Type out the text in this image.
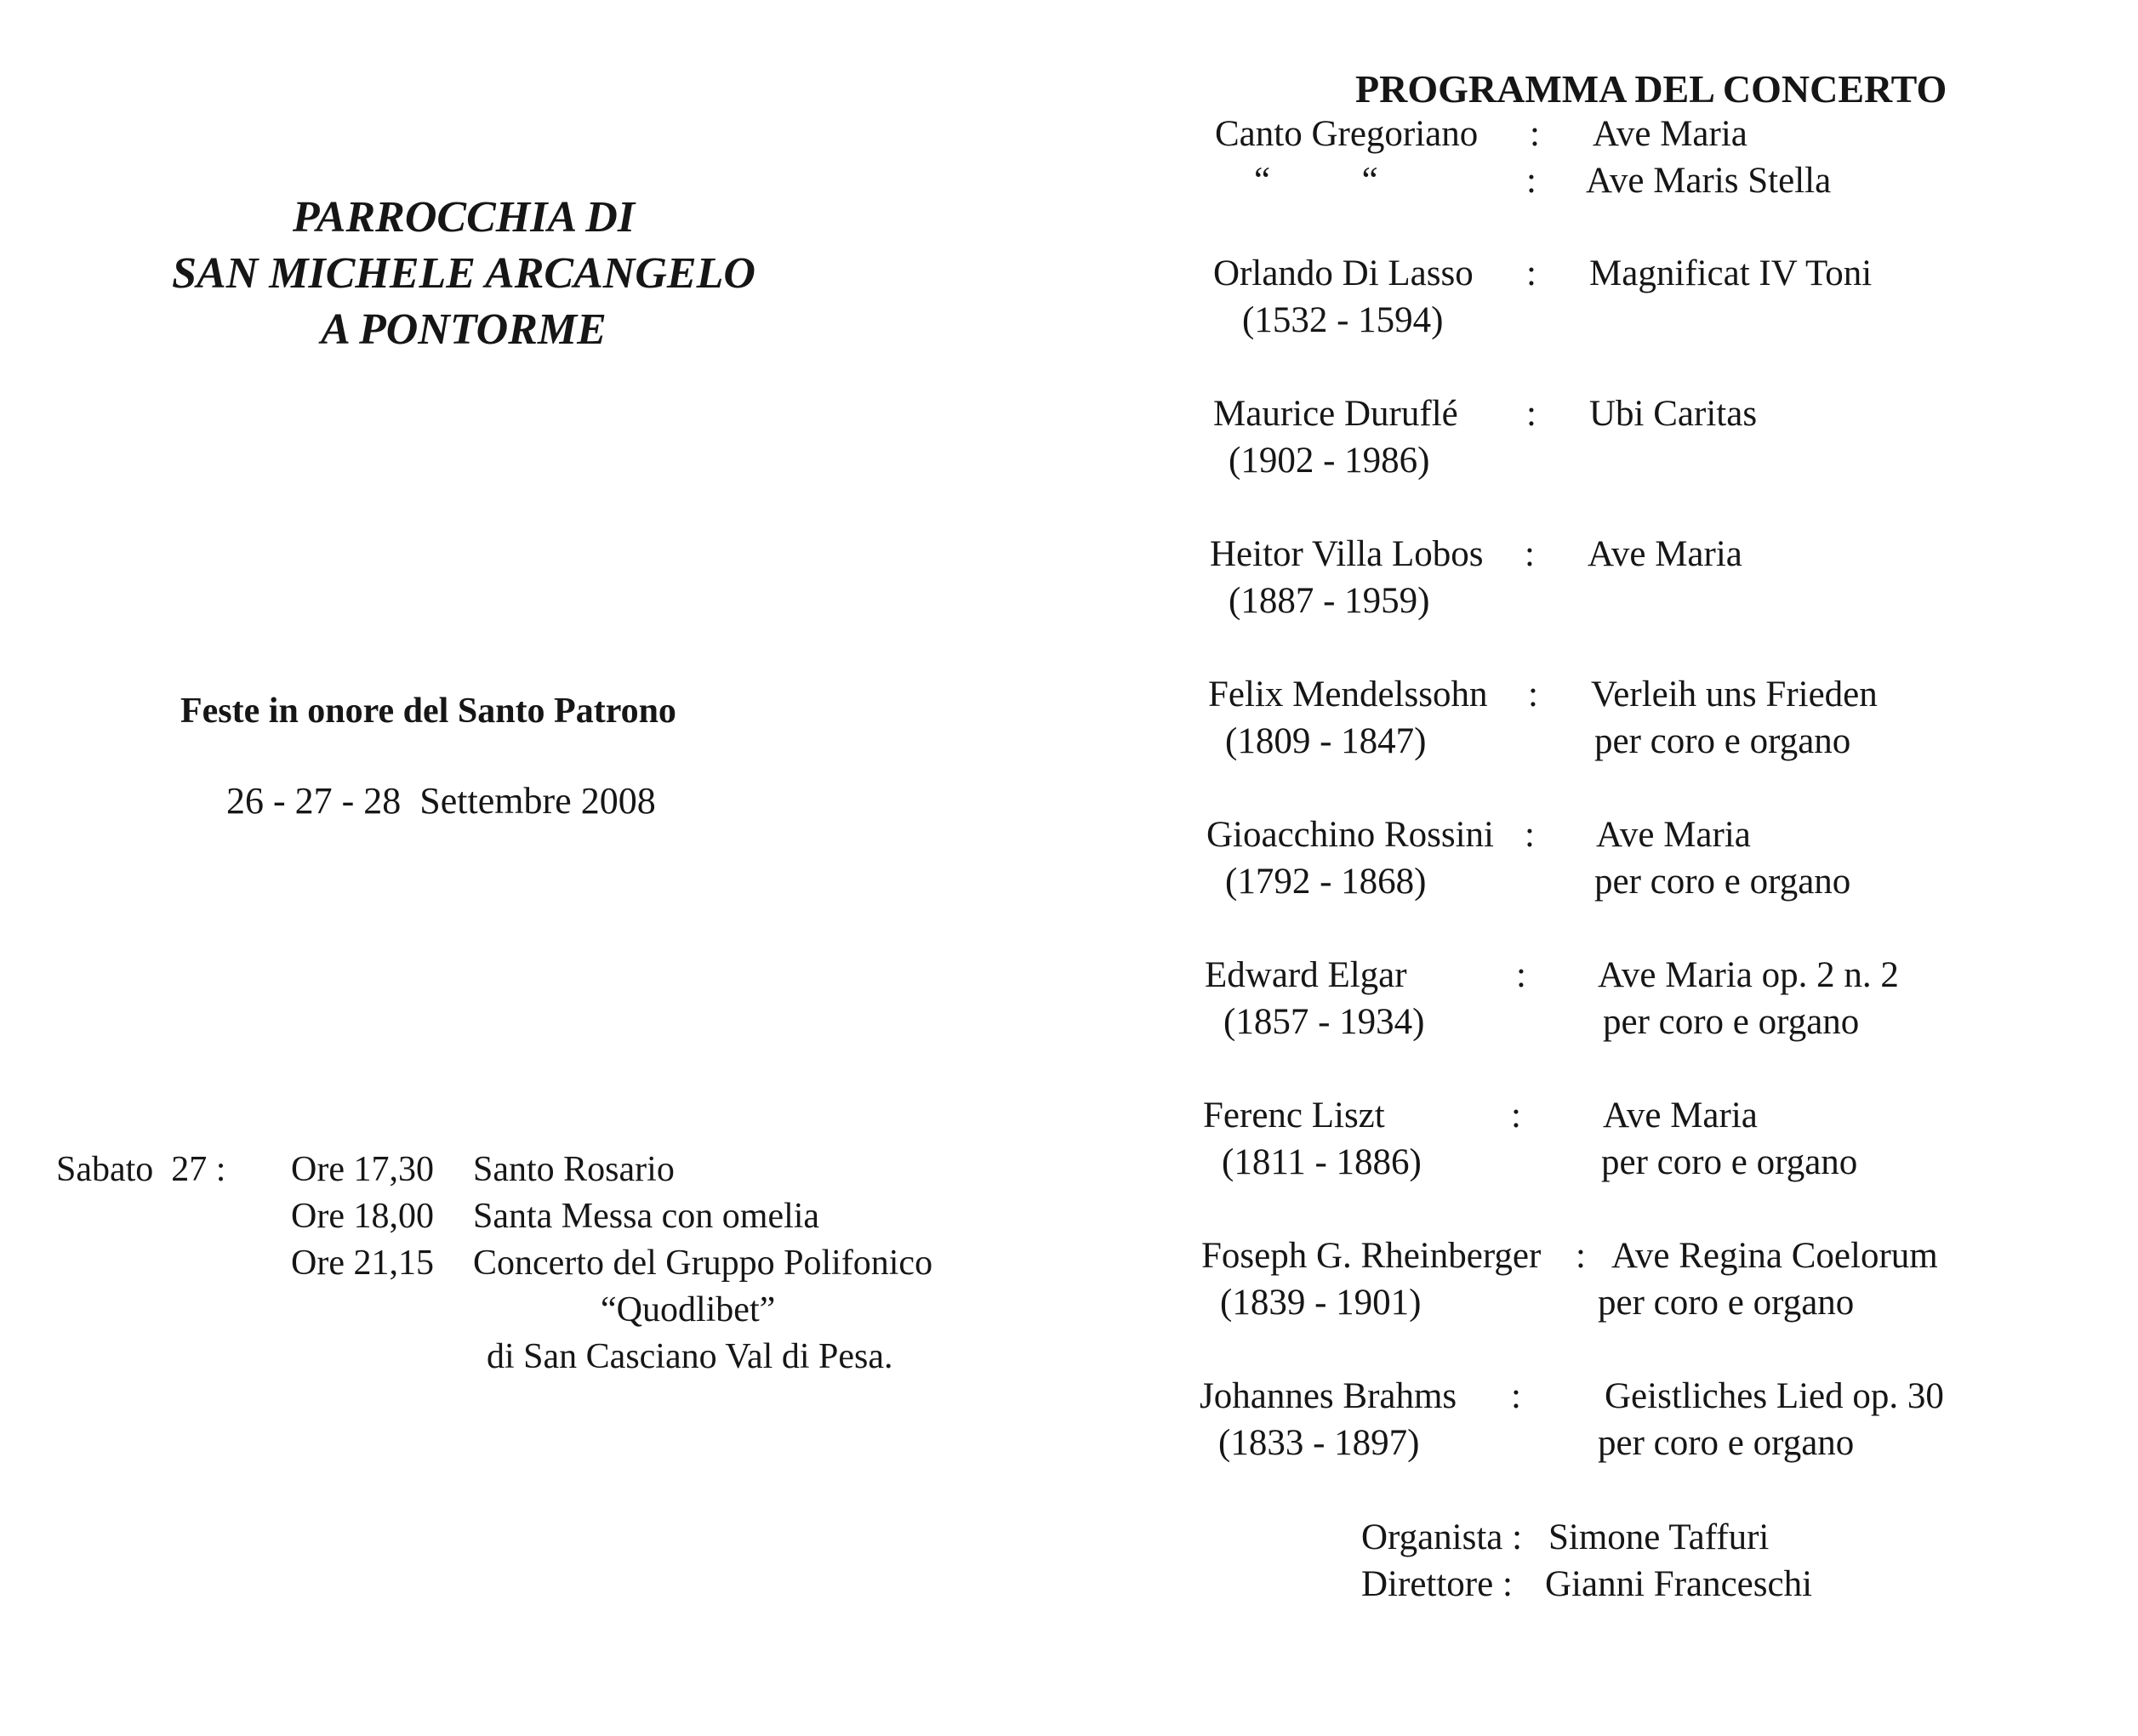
PARROCCHIA DI
SAN MICHELE ARCANGELO
A PONTORME
Feste in onore del Santo Patrono
26 - 27 - 28  Settembre 2008
Sabato  27 : Ore 17,30 Santo Rosario
Ore 18,00 Santa Messa con omelia
Ore 21,15 Concerto del Gruppo Polifonico
“Quodlibet”
di San Casciano Val di Pesa.
PROGRAMMA DEL CONCERTO
Canto Gregoriano : Ave Maria
“          “	: Ave Maris Stella
Orlando Di Lasso
(1532 - 1594)
: Magnificat IV Toni
Maurice Duruflé
(1902 - 1986)
: Ubi Caritas
Heitor Villa Lobos
(1887 - 1959)
: Ave Maria
Felix Mendelssohn
(1809 - 1847)
: Verleih uns Frieden
per coro e organo
Gioacchino Rossini
(1792 - 1868)
: Ave Maria
per coro e organo
Edward Elgar
(1857 - 1934)
: Ave Maria op. 2 n. 2
per coro e organo
Ferenc Liszt
(1811 - 1886)
: Ave Maria
per coro e organo
Foseph G. Rheinberger
(1839 - 1901)
: Ave Regina Coelorum
per coro e organo
Johannes Brahms
(1833 - 1897)
: Geistliches Lied op. 30
per coro e organo
Organista : Simone Taffuri
Direttore : Gianni Franceschi
